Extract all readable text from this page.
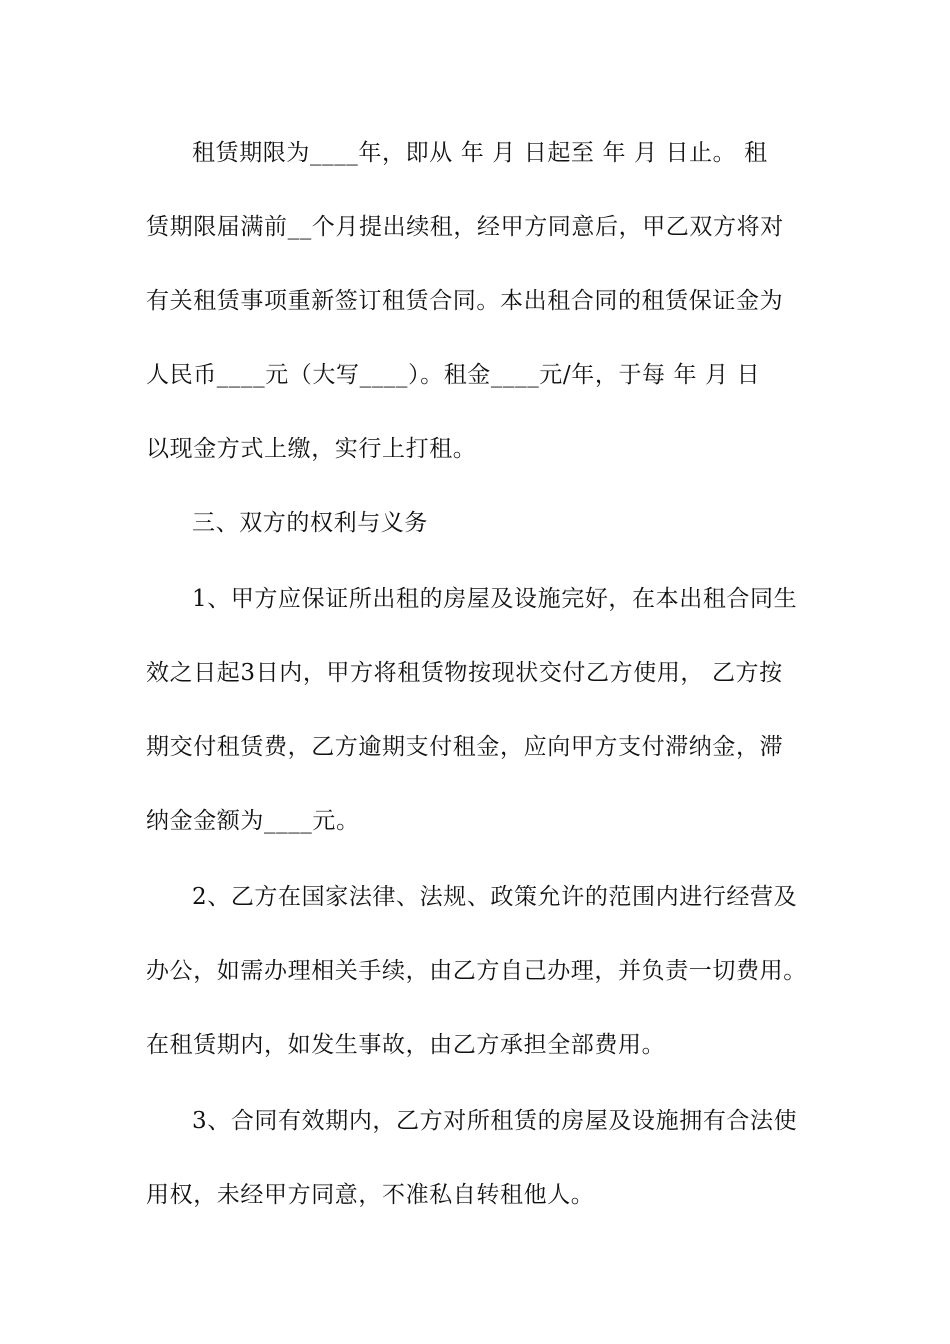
租赁期限为____年，即从 年 月 日起至 年 月 日止。 租
赁期限届满前__个月提出续租，经甲方同意后，甲乙双方将对
有关租赁事项重新签订租赁合同。本出租合同的租赁保证金为
人民币____元（大写____）。租金____元/年，于每 年 月 日
以现金方式上缴，实行上打租。
三、双方的权利与义务
1、甲方应保证所出租的房屋及设施完好，在本出租合同生
效之日起3日内，甲方将租赁物按现状交付乙方使用， 乙方按
期交付租赁费，乙方逾期支付租金，应向甲方支付滞纳金，滞
纳金金额为____元。
2、乙方在国家法律、法规、政策允许的范围内进行经营及
办公，如需办理相关手续，由乙方自己办理，并负责一切费用。
在租赁期内，如发生事故，由乙方承担全部费用。
3、合同有效期内，乙方对所租赁的房屋及设施拥有合法使
用权，未经甲方同意，不准私自转租他人。
